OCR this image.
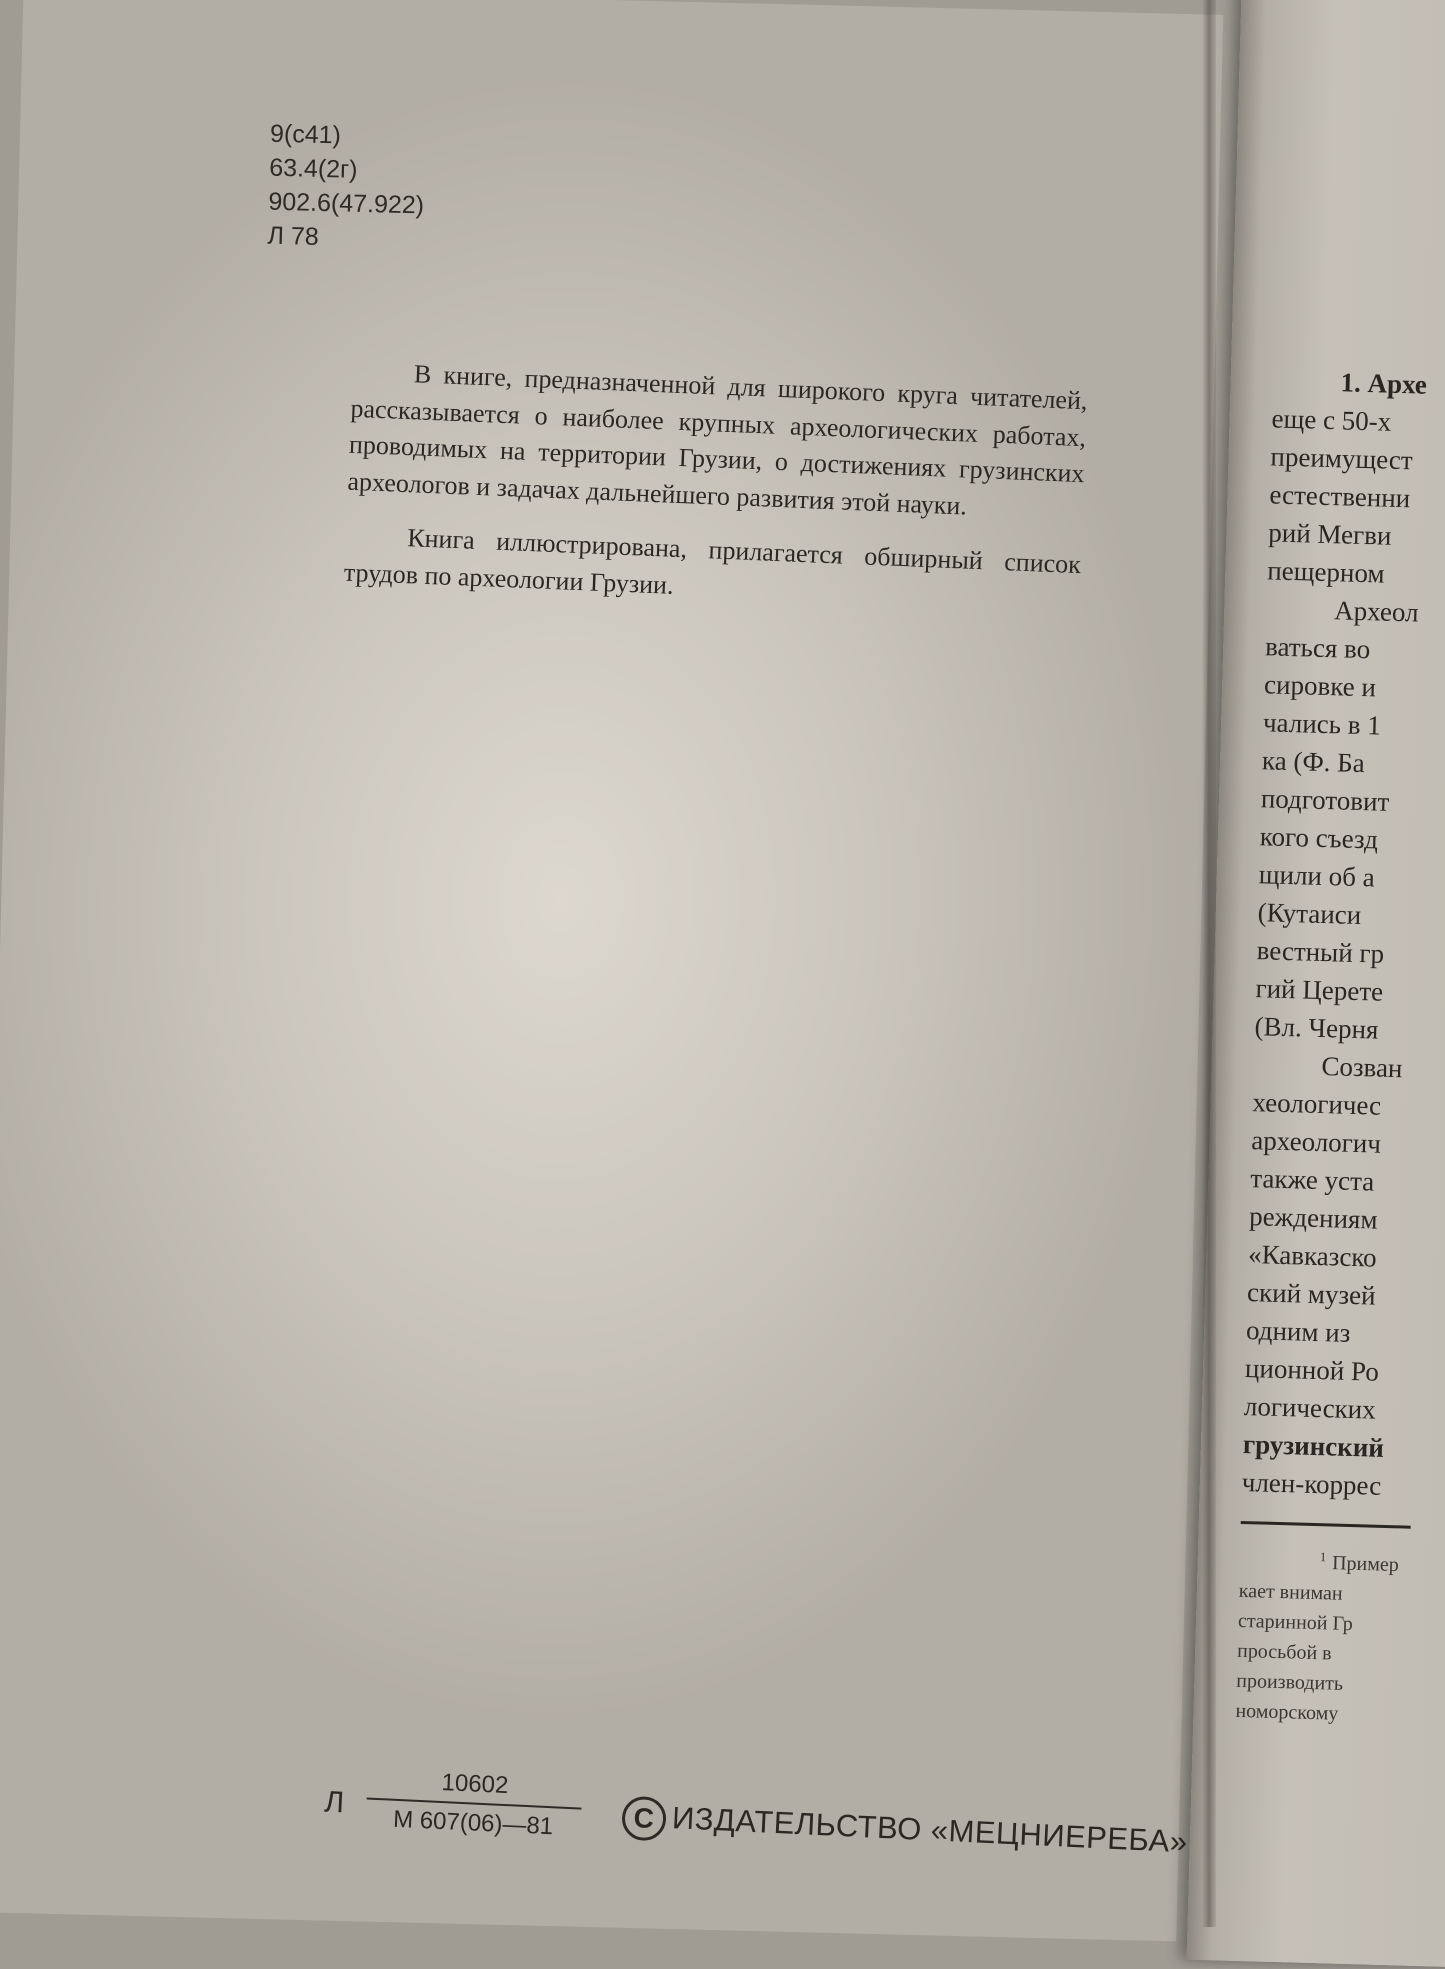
9(с41)
63.4(2г)
902.6(47.922)
Л 78

В книге, предназначенной для широкого круга читателей, рассказывается о наиболее крупных археологических работах, проводимых на территории Грузии, о достижениях грузинских археологов и задачах дальнейшего развития этой науки.

Книга иллюстрирована, прилагается обширный список трудов по археологии Грузии.

Л
10602
М 607(06)—81	C ИЗДАТЕЛЬСТВО «МЕЦНИЕРЕБА»
1. Архе
еще с 50-х
преимущест
естественни
рий Мегви
пещерном
Археол
ваться во
сировке и
чались в 1
ка (Ф. Ба
подготовит
кого съезд
щили об а
(Кутаиси
вестный гр
гий Церете
(Вл. Черня
Созван
хеологичес
археологич
также уста
реждениям
«Кавказско
ский музей
одним из
ционной Ро
логических
грузинский
член-коррес
$^1$ Пример
кает вниман
старинной Гр
просьбой в
производить
номорскому
